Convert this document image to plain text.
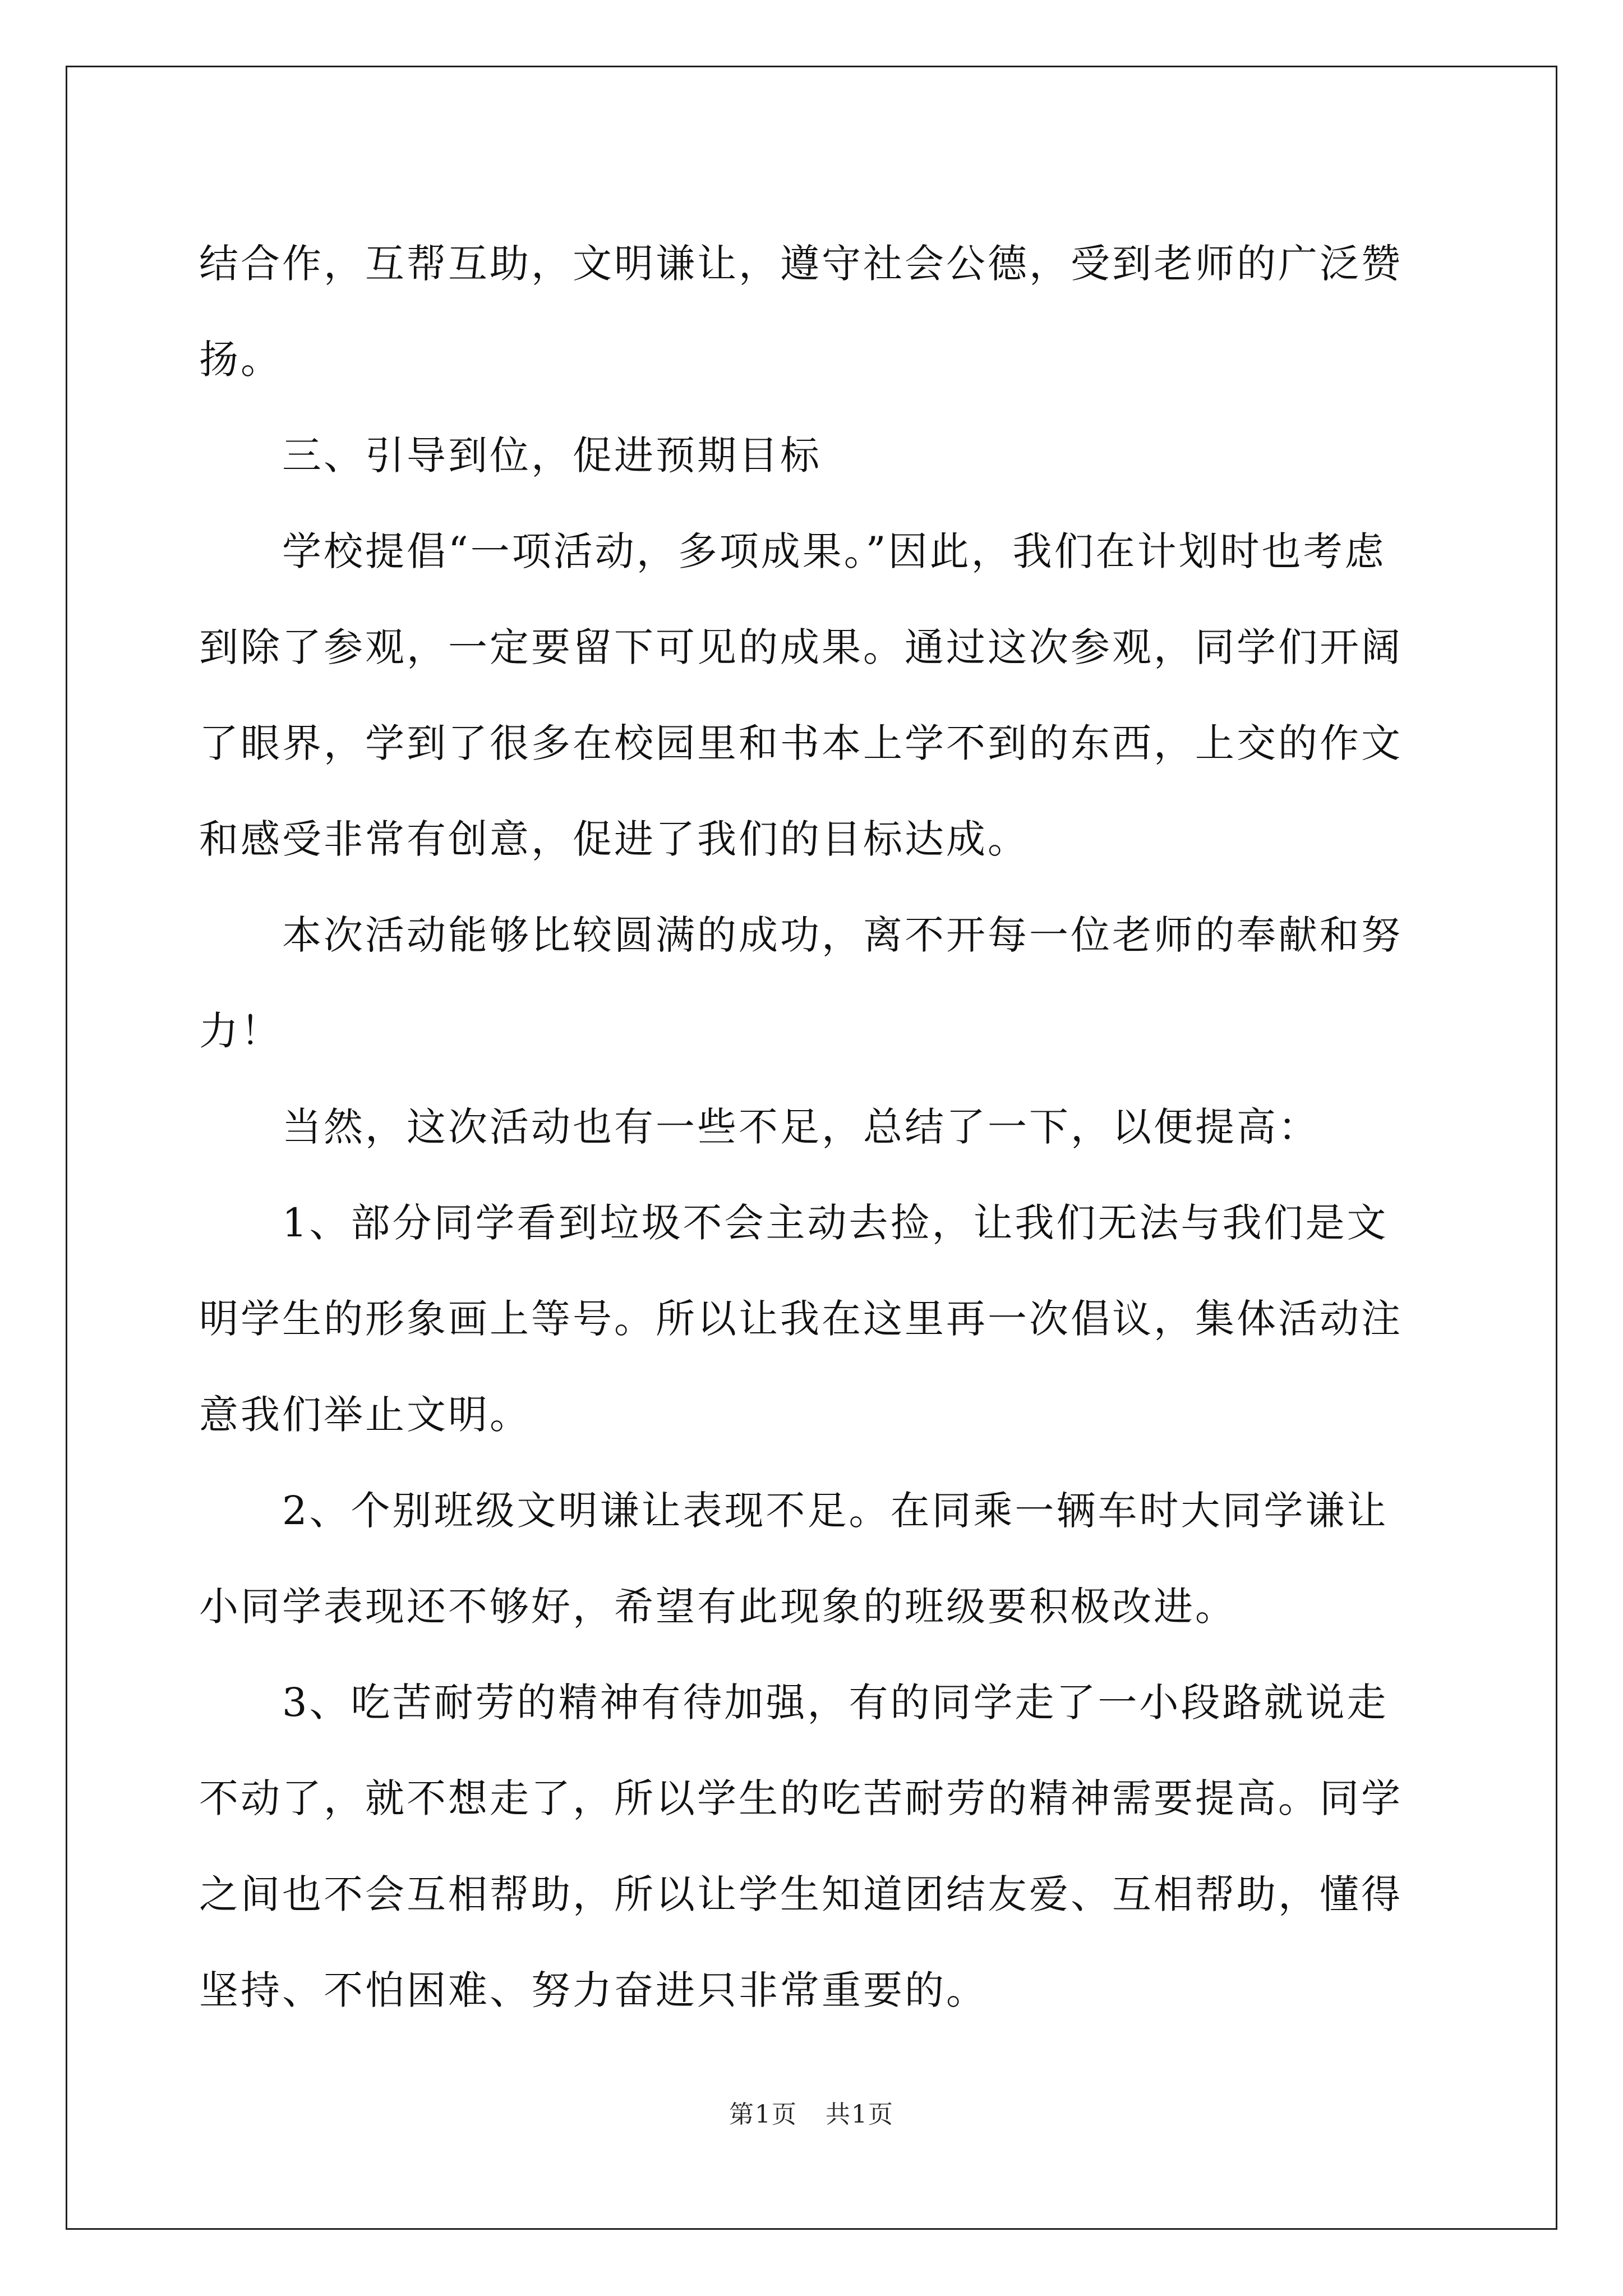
结合作，互帮互助，文明谦让，遵守社会公德，受到老师的广泛赞扬。

三、引导到位，促进预期目标

学校提倡“一项活动，多项成果。”因此，我们在计划时也考虑到除了参观，一定要留下可见的成果。通过这次参观，同学们开阔了眼界，学到了很多在校园里和书本上学不到的东西，上交的作文和感受非常有创意，促进了我们的目标达成。

本次活动能够比较圆满的成功，离不开每一位老师的奉献和努力！

当然，这次活动也有一些不足，总结了一下，以便提高：

1、部分同学看到垃圾不会主动去捡，让我们无法与我们是文明学生的形象画上等号。所以让我在这里再一次倡议，集体活动注意我们举止文明。

2、个别班级文明谦让表现不足。在同乘一辆车时大同学谦让小同学表现还不够好，希望有此现象的班级要积极改进。

3、吃苦耐劳的精神有待加强，有的同学走了一小段路就说走不动了，就不想走了，所以学生的吃苦耐劳的精神需要提高。同学之间也不会互相帮助，所以让学生知道团结友爱、互相帮助，懂得坚持、不怕困难、努力奋进只非常重要的。

第1页 共1页
